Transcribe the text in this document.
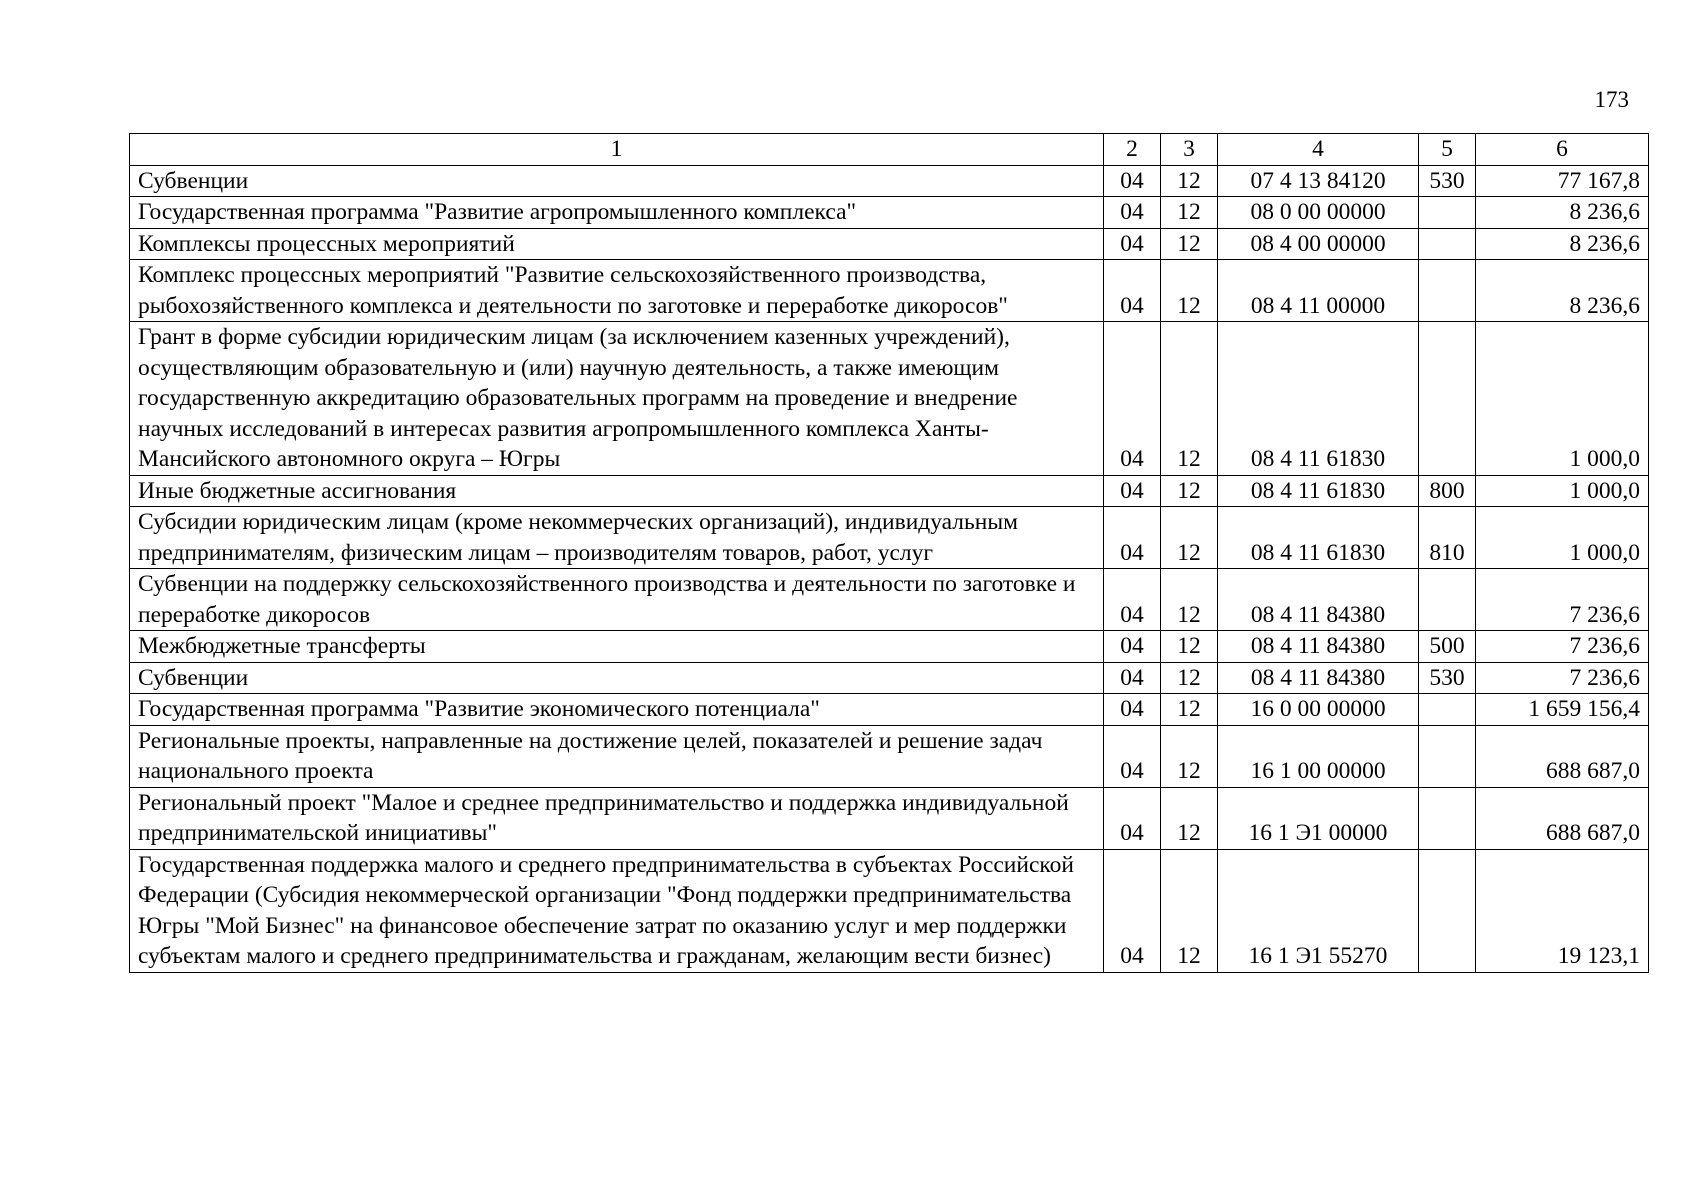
173
1	2	3	4	5	6
Субвенции	04	12	07 4 13 84120	530	77 167,8
Государственная программа "Развитие агропромышленного комплекса"	04	12	08 0 00 00000		8 236,6
Комплексы процессных мероприятий	04	12	08 4 00 00000		8 236,6
Комплекс процессных мероприятий "Развитие сельскохозяйственного производства, рыбохозяйственного комплекса и деятельности по заготовке и переработке дикоросов"	04	12	08 4 11 00000		8 236,6
Грант в форме субсидии юридическим лицам (за исключением казенных учреждений), осуществляющим образовательную и (или) научную деятельность, а также имеющим государственную аккредитацию образовательных программ на проведение и внедрение научных исследований в интересах развития агропромышленного комплекса Ханты-Мансийского автономного округа – Югры	04	12	08 4 11 61830		1 000,0
Иные бюджетные ассигнования	04	12	08 4 11 61830	800	1 000,0
Субсидии юридическим лицам (кроме некоммерческих организаций), индивидуальным предпринимателям, физическим лицам – производителям товаров, работ, услуг	04	12	08 4 11 61830	810	1 000,0
Субвенции на поддержку сельскохозяйственного производства и деятельности по заготовке и переработке дикоросов	04	12	08 4 11 84380		7 236,6
Межбюджетные трансферты	04	12	08 4 11 84380	500	7 236,6
Субвенции	04	12	08 4 11 84380	530	7 236,6
Государственная программа "Развитие экономического потенциала"	04	12	16 0 00 00000		1 659 156,4
Региональные проекты, направленные на достижение целей, показателей и решение задач национального проекта	04	12	16 1 00 00000		688 687,0
Региональный проект "Малое и среднее предпринимательство и поддержка индивидуальной предпринимательской инициативы"	04	12	16 1 Э1 00000		688 687,0
Государственная поддержка малого и среднего предпринимательства в субъектах Российской Федерации (Субсидия некоммерческой организации "Фонд поддержки предпринимательства Югры "Мой Бизнес" на финансовое обеспечение затрат по оказанию услуг и мер поддержки субъектам малого и среднего предпринимательства и гражданам, желающим вести бизнес)	04	12	16 1 Э1 55270		19 123,1
